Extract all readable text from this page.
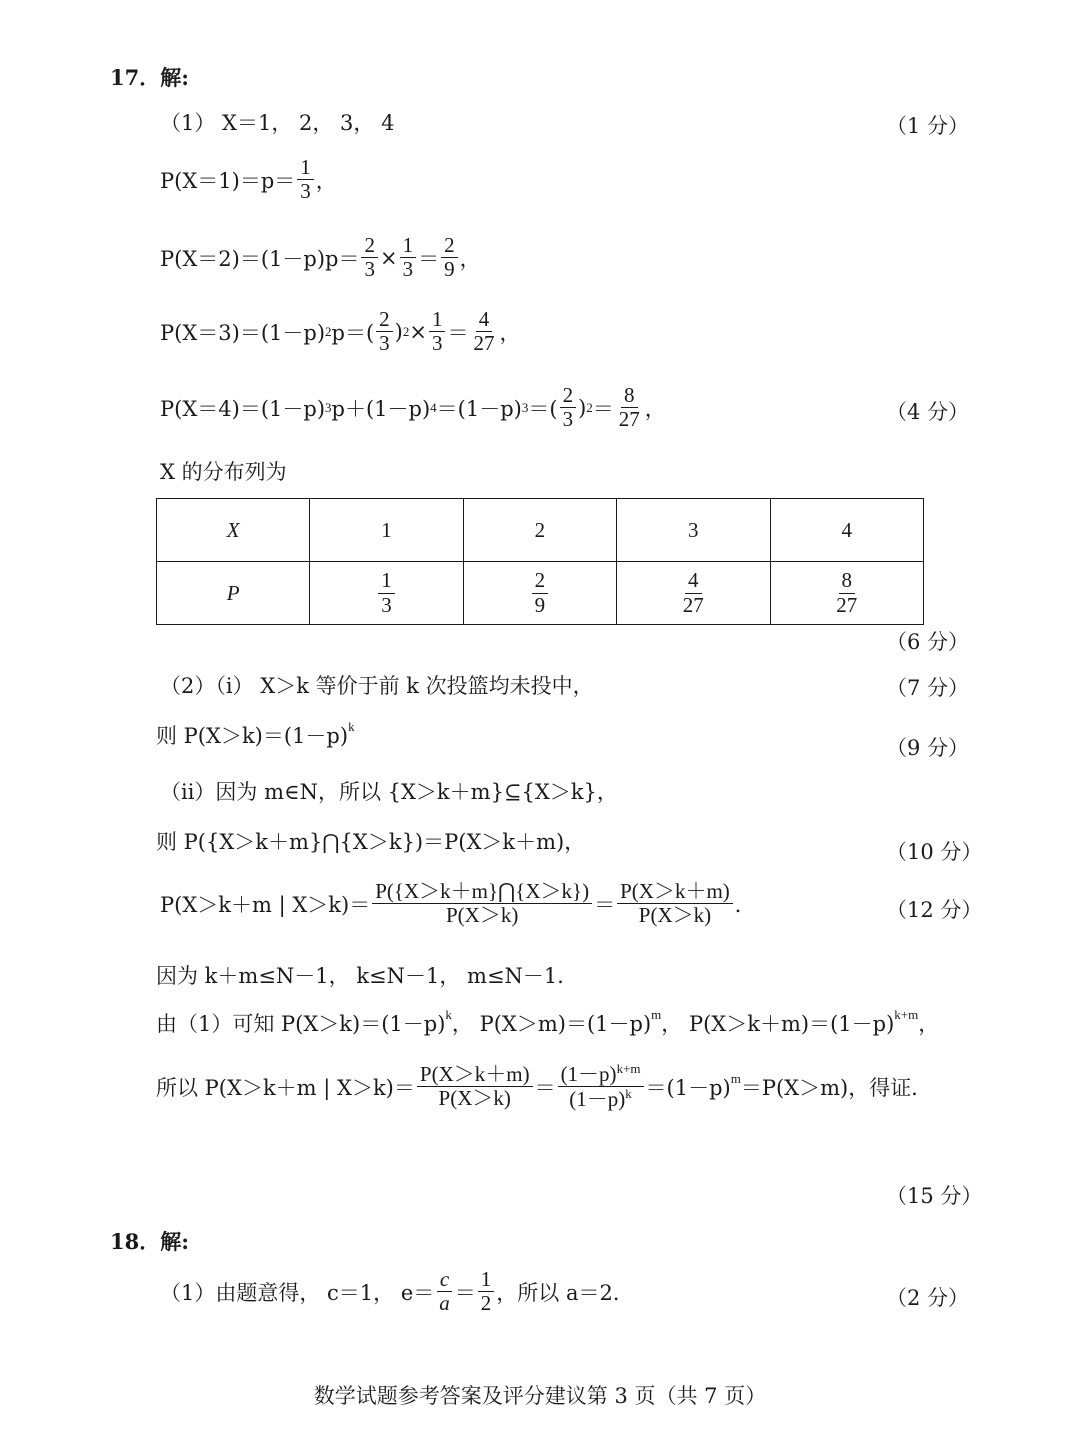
17．解:
（1） X＝1， 2， 3， 4	（1 分）
P(X＝1)＝p＝
1
3 ，
$P(X=2)=(1-p)p= \frac{2}{3} \times \frac{1}{3}$ ＝
2
9 ，
P(X＝3)＝(1－p) 2 p＝(
2
3 ) $2 \times \frac{1}{3}$ ＝
4
27 ，
P(X＝4)＝(1－p) 3 p＋(1－p) 4 ＝(1－p) 3 ＝(
2
3 ) 2 ＝
8
27 ，	（4 分）
X 的分布列为
X	1	2	3	4
P	$\frac{1}{3}$	$\frac{2}{9}$	$\frac{4}{27}$	$\frac{8}{27}$
（6 分）
（2）（ⅰ） X＞k 等价于前 k 次投篮均未投中，	（7 分）
则 $P(X>k)=(1-p)^k$
（9 分）
（ⅱ）因为 m∈N，所以 {X＞k＋m}⊆{X＞k}，
则 P({X＞k＋m}⋂{X＞k})＝P(X＞k＋m)，	（10 分）
P(X＞k＋m | X＞k)＝
P({X＞k＋m}⋂{X＞k})
P(X＞k)	＝
P(X＞k＋m)
P(X＞k) ．	（12 分）
因为 k＋m≤N－1， k≤N－1， m≤N－1．
由（1）可知 $P(X>k)=(1-p)^k$ ， $P(X>m)=(1-p)^m$ ， $P(X>k+m)=(1-p)^{k+m}$ ，
所以 P(X＞k＋m | X＞k)＝
P(X＞k＋m)
P(X＞k) ＝
$(1-p)^{k+m}$
$(1-p)^k =(1-p)^m =P(X>m)$，得证．
（15 分）
18．解:
（1）由题意得， c＝1， e＝
c
a ＝
1
2 ，所以 a＝2．	（2 分）
数学试题参考答案及评分建议第 3 页（共 7 页）
